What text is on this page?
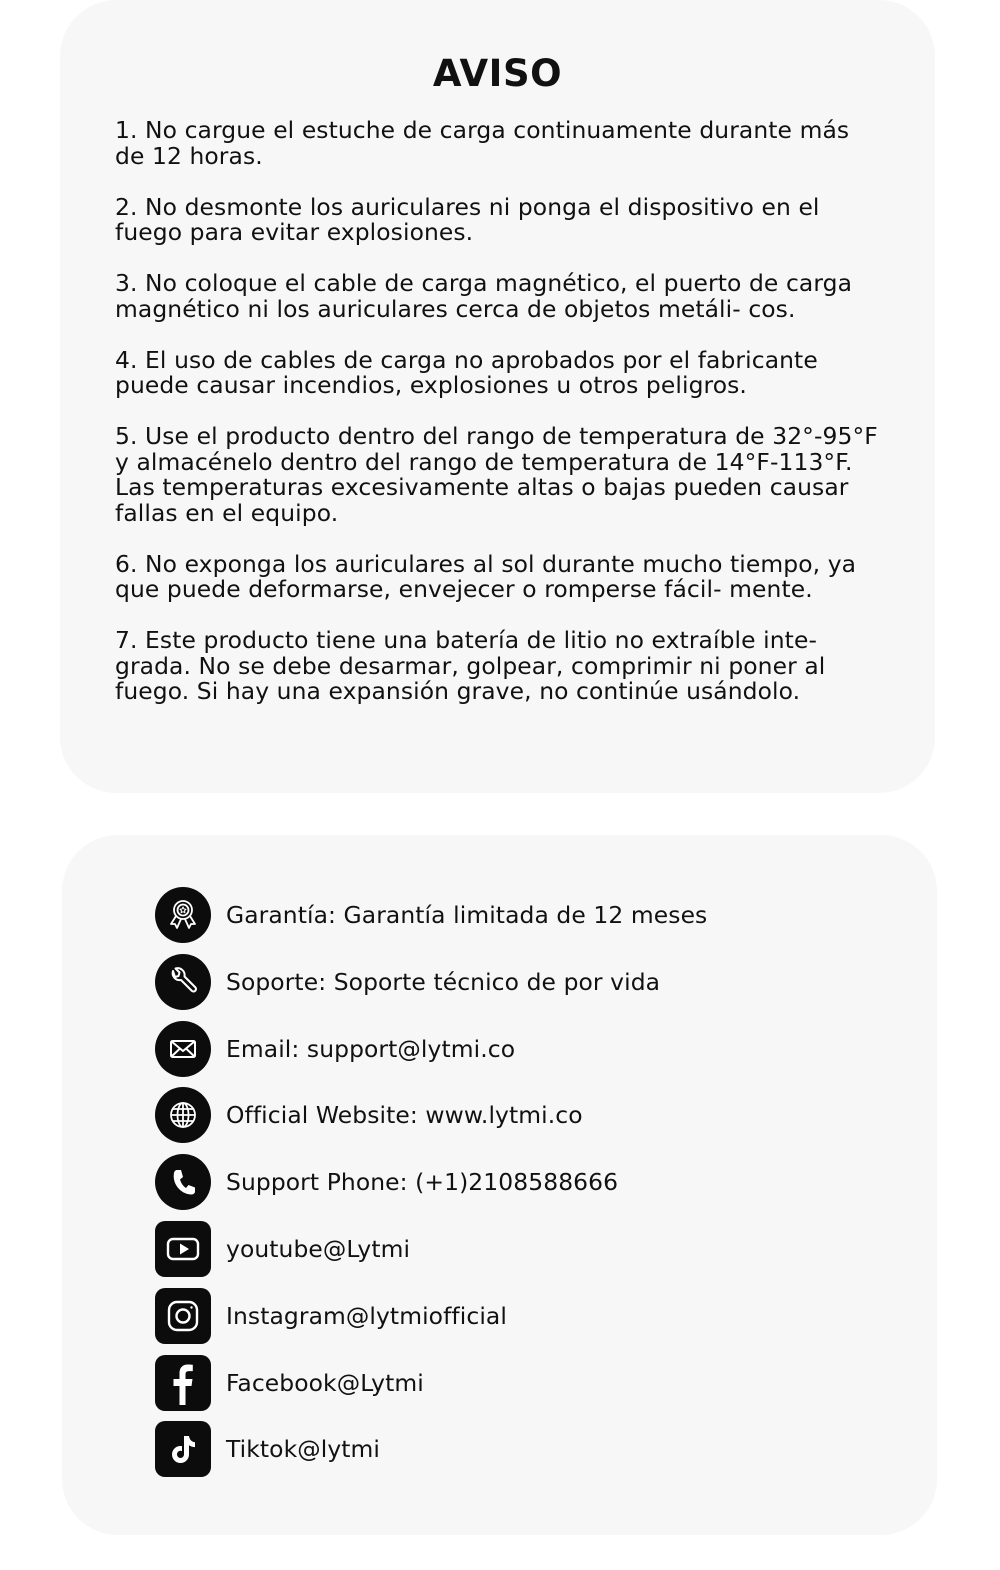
AVISO
1. No cargue el estuche de carga continuamente durante más de 12 horas.
2. No desmonte los auriculares ni ponga el dispositivo en el fuego para evitar explosiones.
3. No coloque el cable de carga magnético, el puerto de carga magnético ni los auriculares cerca de objetos metáli- cos.
4. El uso de cables de carga no aprobados por el fabricante puede causar incendios, explosiones u otros peligros.
5. Use el producto dentro del rango de temperatura de 32°-95°F y almacénelo dentro del rango de temperatura de 14°F-113°F. Las temperaturas excesivamente altas o bajas pueden causar fallas en el equipo.
6. No exponga los auriculares al sol durante mucho tiempo, ya que puede deformarse, envejecer o romperse fácil- mente.
7. Este producto tiene una batería de litio no extraíble inte- grada. No se debe desarmar, golpear, comprimir ni poner al fuego. Si hay una expansión grave, no continúe usándolo.
Garantía: Garantía limitada de 12 meses
Soporte: Soporte técnico de por vida
Email: support@lytmi.co
Official Website: www.lytmi.co
Support Phone: (+1)2108588666
youtube@Lytmi
Instagram@lytmiofficial
Facebook@Lytmi
Tiktok@lytmi
